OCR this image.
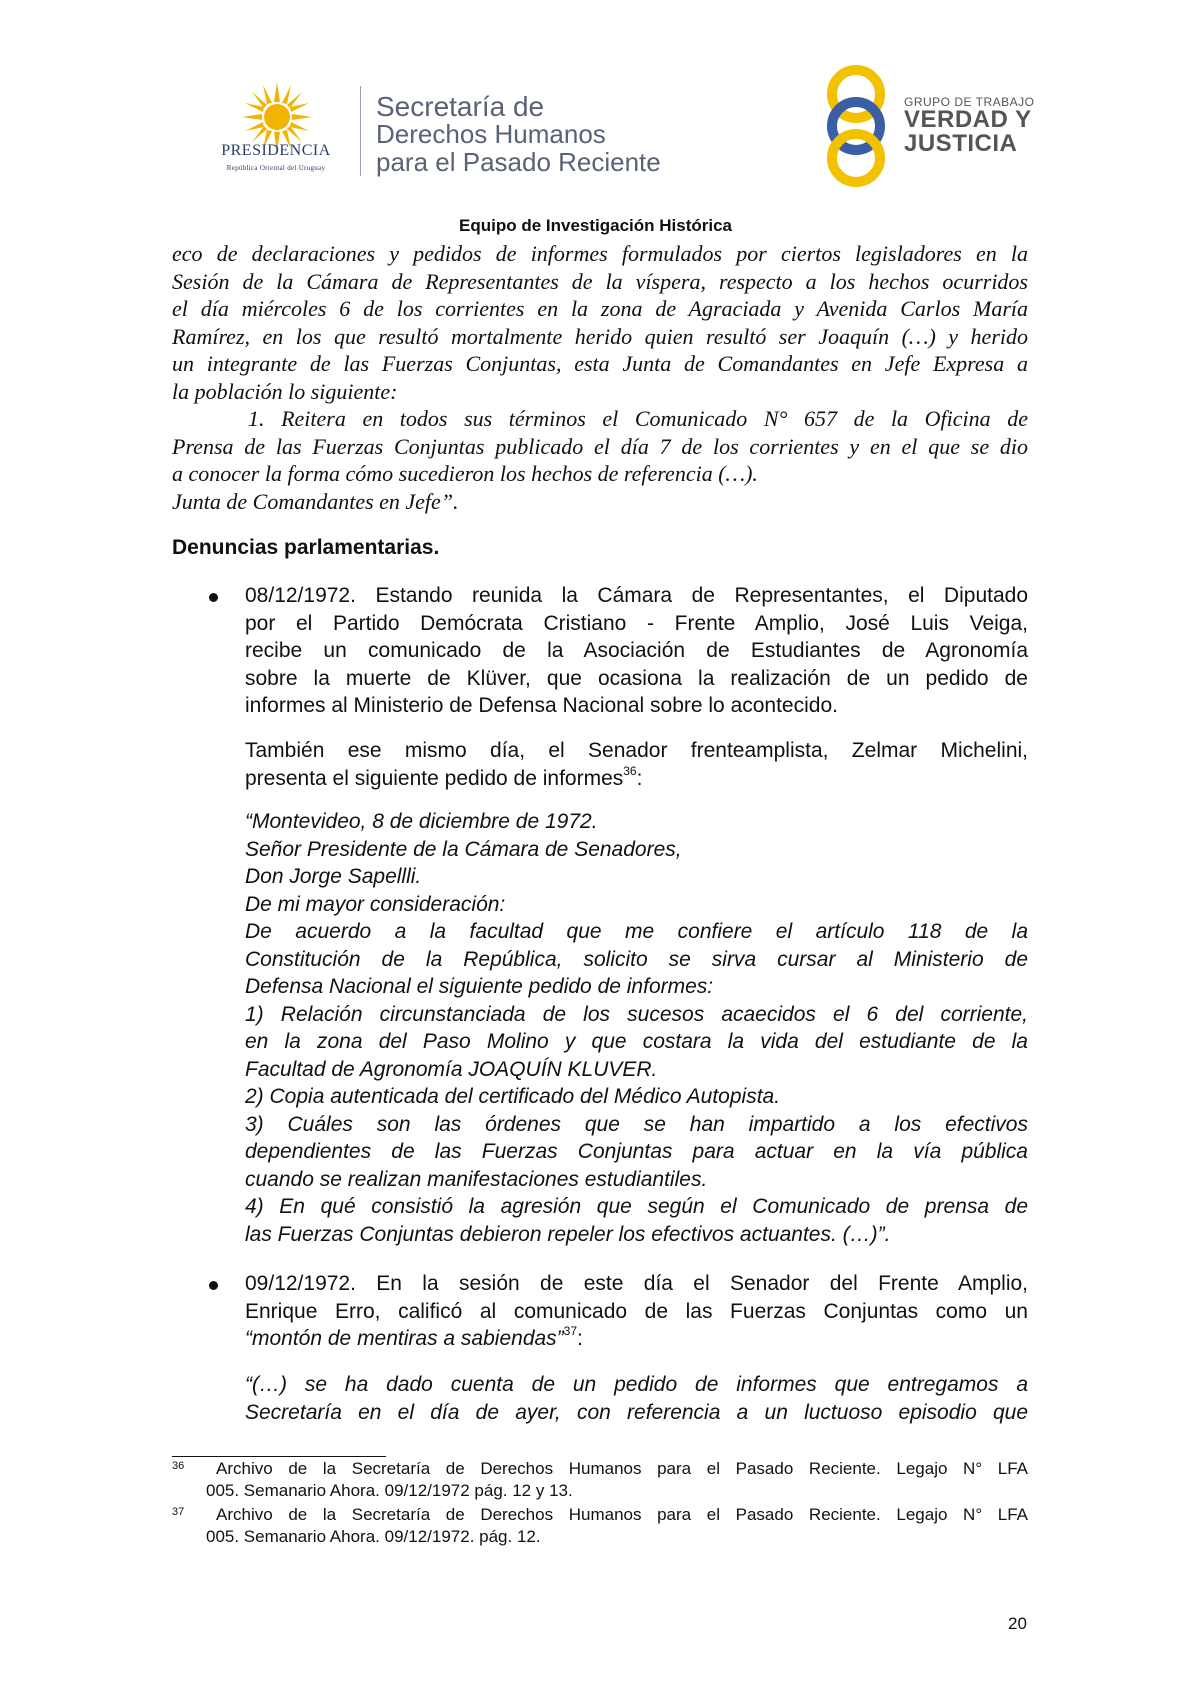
PRESIDENCIA
República Oriental del Uruguay
Secretaría de
Derechos Humanos
para el Pasado Reciente
GRUPO DE TRABAJO
VERDAD Y
JUSTICIA
Equipo de Investigación Histórica
eco de declaraciones y pedidos de informes formulados por ciertos legisladores en la
Sesión de la Cámara de Representantes de la víspera, respecto a los hechos ocurridos
el día miércoles 6 de los corrientes en la zona de Agraciada y Avenida Carlos María
Ramírez, en los que resultó mortalmente herido quien resultó ser Joaquín (…) y herido
un integrante de las Fuerzas Conjuntas, esta Junta de Comandantes en Jefe Expresa a
la población lo siguiente:
1. Reitera en todos sus términos el Comunicado N° 657 de la Oficina de
Prensa de las Fuerzas Conjuntas publicado el día 7 de los corrientes y en el que se dio
a conocer la forma cómo sucedieron los hechos de referencia (…).
Junta de Comandantes en Jefe”.
Denuncias parlamentarias.
08/12/1972. Estando reunida la Cámara de Representantes, el Diputado
por el Partido Demócrata Cristiano - Frente Amplio, José Luis Veiga,
recibe un comunicado de la Asociación de Estudiantes de Agronomía
sobre la muerte de Klüver, que ocasiona la realización de un pedido de
informes al Ministerio de Defensa Nacional sobre lo acontecido.
También ese mismo día, el Senador frenteamplista, Zelmar Michelini,
presenta el siguiente pedido de informes$^{36}$:
“Montevideo, 8 de diciembre de 1972.
Señor Presidente de la Cámara de Senadores,
Don Jorge Sapellli.
De mi mayor consideración:
De acuerdo a la facultad que me confiere el artículo 118 de la
Constitución de la República, solicito se sirva cursar al Ministerio de
Defensa Nacional el siguiente pedido de informes:
1) Relación circunstanciada de los sucesos acaecidos el 6 del corriente,
en la zona del Paso Molino y que costara la vida del estudiante de la
Facultad de Agronomía JOAQUÍN KLUVER.
2) Copia autenticada del certificado del Médico Autopista.
3) Cuáles son las órdenes que se han impartido a los efectivos
dependientes de las Fuerzas Conjuntas para actuar en la vía pública
cuando se realizan manifestaciones estudiantiles.
4) En qué consistió la agresión que según el Comunicado de prensa de
las Fuerzas Conjuntas debieron repeler los efectivos actuantes. (…)”.
09/12/1972. En la sesión de este día el Senador del Frente Amplio,
Enrique Erro, calificó al comunicado de las Fuerzas Conjuntas como un
“montón de mentiras a sabiendas”$^{37}$:
“(…) se ha dado cuenta de un pedido de informes que entregamos a
Secretaría en el día de ayer, con referencia a un luctuoso episodio que
36	Archivo de la Secretaría de Derechos Humanos para el Pasado Reciente. Legajo N° LFA
005. Semanario Ahora. 09/12/1972 pág. 12 y 13.
37	Archivo de la Secretaría de Derechos Humanos para el Pasado Reciente. Legajo N° LFA
005. Semanario Ahora. 09/12/1972. pág. 12.
20
